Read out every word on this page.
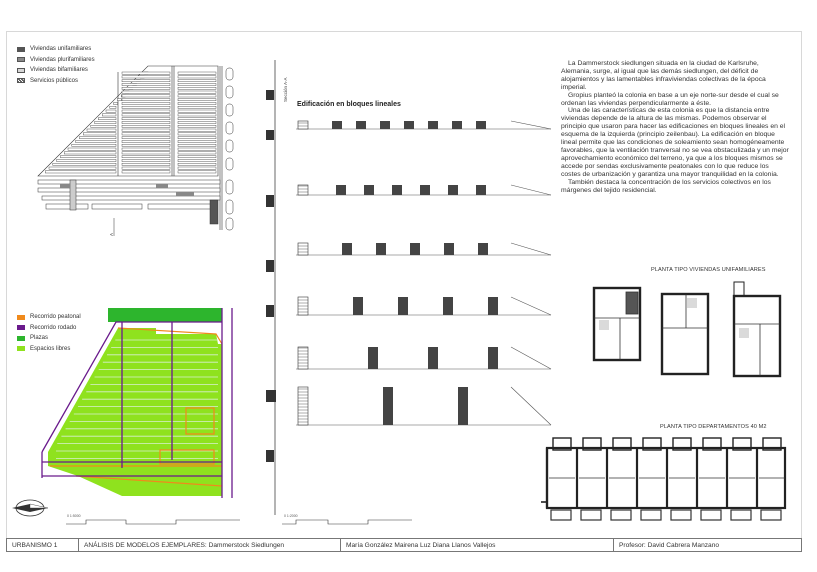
Viviendas unifamiliares
Viviendas plurifamiliares
Viviendas bifamiliares
Servicios públicos
A
Recorrido peatonal
Recorrido rodado
Plazas
Espacios libres
0 1:5000
Sección A-A
Edificación en bloques lineales
0 1:2000

La Dammerstock siedlungen situada en la ciudad de Karlsruhe, Alemania, surge, al igual que las demás siedlungen, del déficit de alojamientos y las lamentables infraviviendas colectivas de la época imperial.

Gropius planteó la colonia en base a un eje norte-sur desde el cual se ordenan las viviendas perpendicularmente a éste.

Una de las características de esta colonia es que la distancia entre viviendas depende de la altura de las mismas. Podemos observar el principio que usaron para hacer las edificaciones en bloques lineales en el esquema de la izquierda (principio zeilenbau). La edificación en bloque lineal permite que las condiciones de soleamiento sean homogéneamente favorables, que la ventilación tranversal no se vea obstaculizada y un mejor aprovechamiento económico del terreno, ya que a los bloques mismos se accede por sendas exclusivamente peatonales con lo que reduce los costes de urbanización y garantiza una mayor tranquilidad en la colonia.

También destaca la concentración de los servicios colectivos en los márgenes del tejido residencial.

PLANTA TIPO VIVIENDAS UNIFAMILIARES
PLANTA TIPO DEPARTAMENTOS 40 M2
URBANISMO 1	ANÁLISIS DE MODELOS EJEMPLARES: Dammerstock Siedlungen	María González Mairena Luz Diana Llanos Vallejos	Profesor: David Cabrera Manzano
